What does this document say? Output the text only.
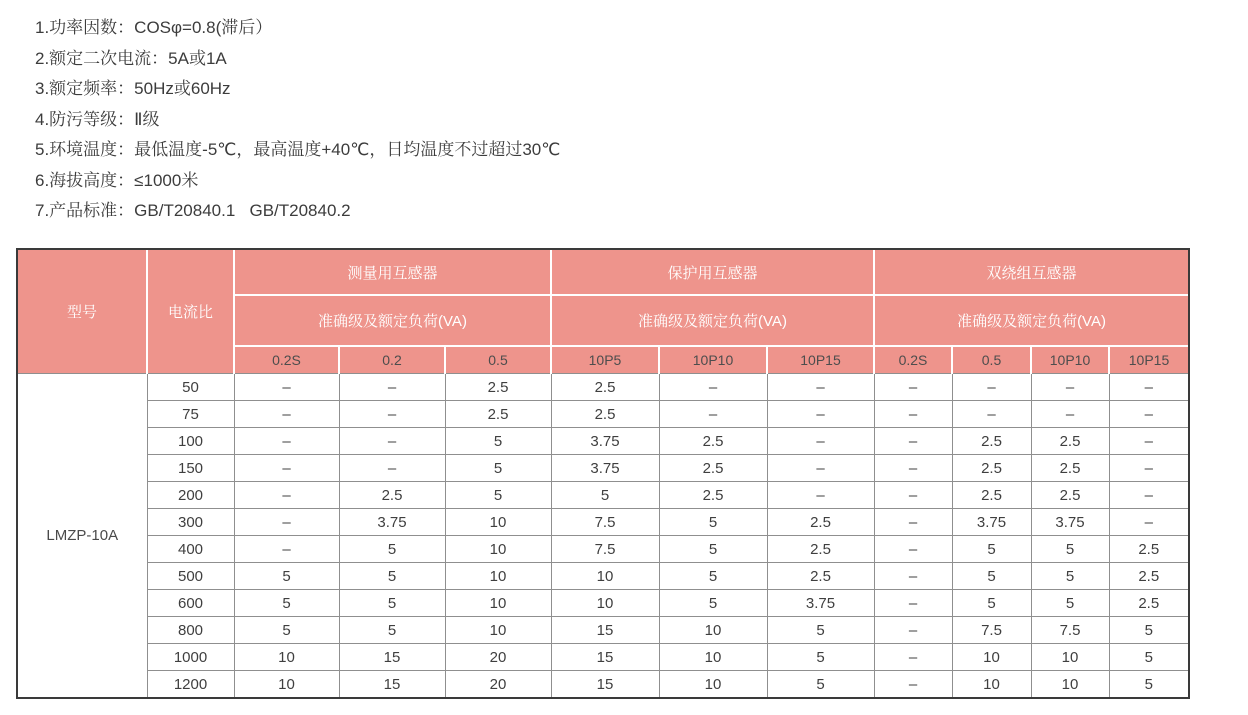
1.功率因数：COSφ=0.8(滞后）
2.额定二次电流：5A或1A
3.额定频率：50Hz或60Hz
4.防污等级：Ⅱ级
5.环境温度：最低温度-5℃，最高温度+40℃，日均温度不过超过30℃
6.海拔高度：≤1000米
7.产品标准：GB/T20840.1   GB/T20840.2
型号	电流比	测量用互感器			保护用互感器			双绕组互感器			
		准确级及额定负荷(VA)			准确级及额定负荷(VA)			准确级及额定负荷(VA)			
		0.2S	0.2	0.5	10P5	10P10	10P15	0.2S	0.5	10P10	10P15
LMZP-10A	50	–	–	2.5	2.5	–	–	–	–	–	–
	75	–	–	2.5	2.5	–	–	–	–	–	–
	100	–	–	5	3.75	2.5	–	–	2.5	2.5	–
	150	–	–	5	3.75	2.5	–	–	2.5	2.5	–
	200	–	2.5	5	5	2.5	–	–	2.5	2.5	–
	300	–	3.75	10	7.5	5	2.5	–	3.75	3.75	–
	400	–	5	10	7.5	5	2.5	–	5	5	2.5
	500	5	5	10	10	5	2.5	–	5	5	2.5
	600	5	5	10	10	5	3.75	–	5	5	2.5
	800	5	5	10	15	10	5	–	7.5	7.5	5
	1000	10	15	20	15	10	5	–	10	10	5
	1200	10	15	20	15	10	5	–	10	10	5
